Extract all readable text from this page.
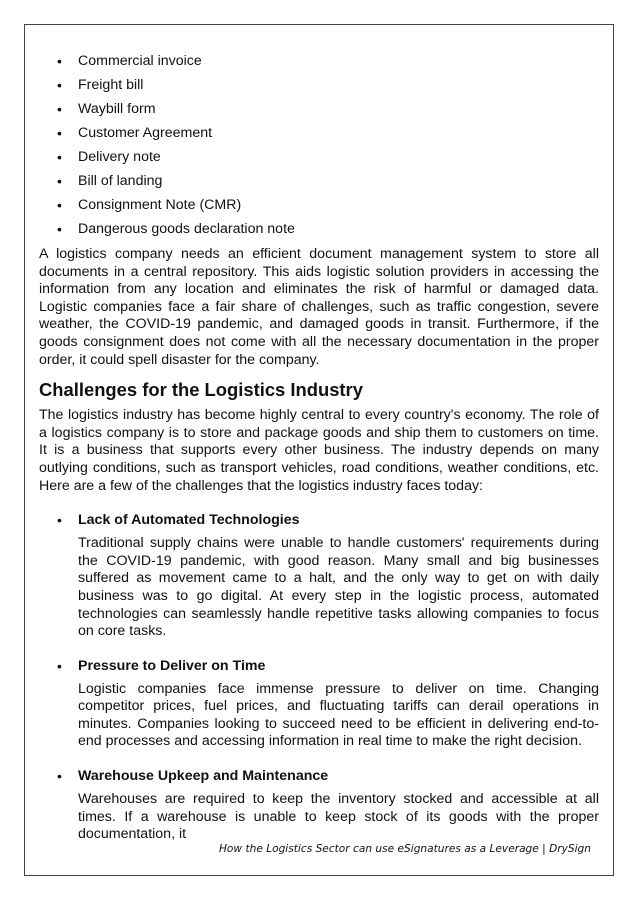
• Commercial invoice
• Freight bill
• Waybill form
• Customer Agreement
• Delivery note
• Bill of landing
• Consignment Note (CMR)
• Dangerous goods declaration note

A logistics company needs an efficient document management system to store all documents in a central repository. This aids logistic solution providers in accessing the information from any location and eliminates the risk of harmful or damaged data. Logistic companies face a fair share of challenges, such as traffic congestion, severe weather, the COVID-19 pandemic, and damaged goods in transit. Furthermore, if the goods consignment does not come with all the necessary documentation in the proper order, it could spell disaster for the company.

Challenges for the Logistics Industry

The logistics industry has become highly central to every country's economy. The role of a logistics company is to store and package goods and ship them to customers on time. It is a business that supports every other business. The industry depends on many outlying conditions, such as transport vehicles, road conditions, weather conditions, etc. Here are a few of the challenges that the logistics industry faces today:

• Lack of Automated Technologies

Traditional supply chains were unable to handle customers' requirements during the COVID-19 pandemic, with good reason. Many small and big businesses suffered as movement came to a halt, and the only way to get on with daily business was to go digital. At every step in the logistic process, automated technologies can seamlessly handle repetitive tasks allowing companies to focus on core tasks.

• Pressure to Deliver on Time

Logistic companies face immense pressure to deliver on time. Changing competitor prices, fuel prices, and fluctuating tariffs can derail operations in minutes. Companies looking to succeed need to be efficient in delivering end-to-end processes and accessing information in real time to make the right decision.

• Warehouse Upkeep and Maintenance

Warehouses are required to keep the inventory stocked and accessible at all times. If a warehouse is unable to keep stock of its goods with the proper documentation, it

How the Logistics Sector can use eSignatures as a Leverage | DrySign
